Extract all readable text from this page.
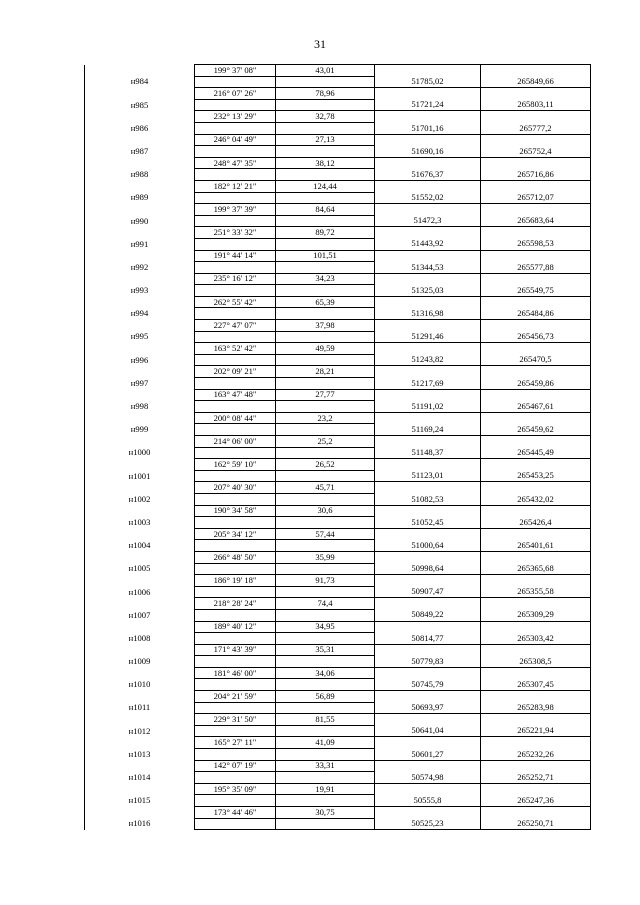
31
	199° 37' 08"	43,01		
н984			51785,02	265849,66
	216° 07' 26"	78,96		
н985			51721,24	265803,11
	232° 13' 29"	32,78		
н986			51701,16	265777,2
	246° 04' 49"	27,13		
н987			51690,16	265752,4
	248° 47' 35"	38,12		
н988			51676,37	265716,86
	182° 12' 21"	124,44		
н989			51552,02	265712,07
	199° 37' 39"	84,64		
н990			51472,3	265683,64
	251° 33' 32"	89,72		
н991			51443,92	265598,53
	191° 44' 14"	101,51		
н992			51344,53	265577,88
	235° 16' 12"	34,23		
н993			51325,03	265549,75
	262° 55' 42"	65,39		
н994			51316,98	265484,86
	227° 47' 07"	37,98		
н995			51291,46	265456,73
	163° 52' 42"	49,59		
н996			51243,82	265470,5
	202° 09' 21"	28,21		
н997			51217,69	265459,86
	163° 47' 48"	27,77		
н998			51191,02	265467,61
	200° 08' 44"	23,2		
н999			51169,24	265459,62
	214° 06' 00"	25,2		
н1000			51148,37	265445,49
	162° 59' 10"	26,52		
н1001			51123,01	265453,25
	207° 40' 30"	45,71		
н1002			51082,53	265432,02
	190° 34' 58"	30,6		
н1003			51052,45	265426,4
	205° 34' 12"	57,44		
н1004			51000,64	265401,61
	266° 48' 50"	35,99		
н1005			50998,64	265365,68
	186° 19' 18"	91,73		
н1006			50907,47	265355,58
	218° 28' 24"	74,4		
н1007			50849,22	265309,29
	189° 40' 12"	34,95		
н1008			50814,77	265303,42
	171° 43' 39"	35,31		
н1009			50779,83	265308,5
	181° 46' 00"	34,06		
н1010			50745,79	265307,45
	204° 21' 59"	56,89		
н1011			50693,97	265283,98
	229° 31' 50"	81,55		
н1012			50641,04	265221,94
	165° 27' 11"	41,09		
н1013			50601,27	265232,26
	142° 07' 19"	33,31		
н1014			50574,98	265252,71
	195° 35' 09"	19,91		
н1015			50555,8	265247,36
	173° 44' 46"	30,75		
н1016			50525,23	265250,71
